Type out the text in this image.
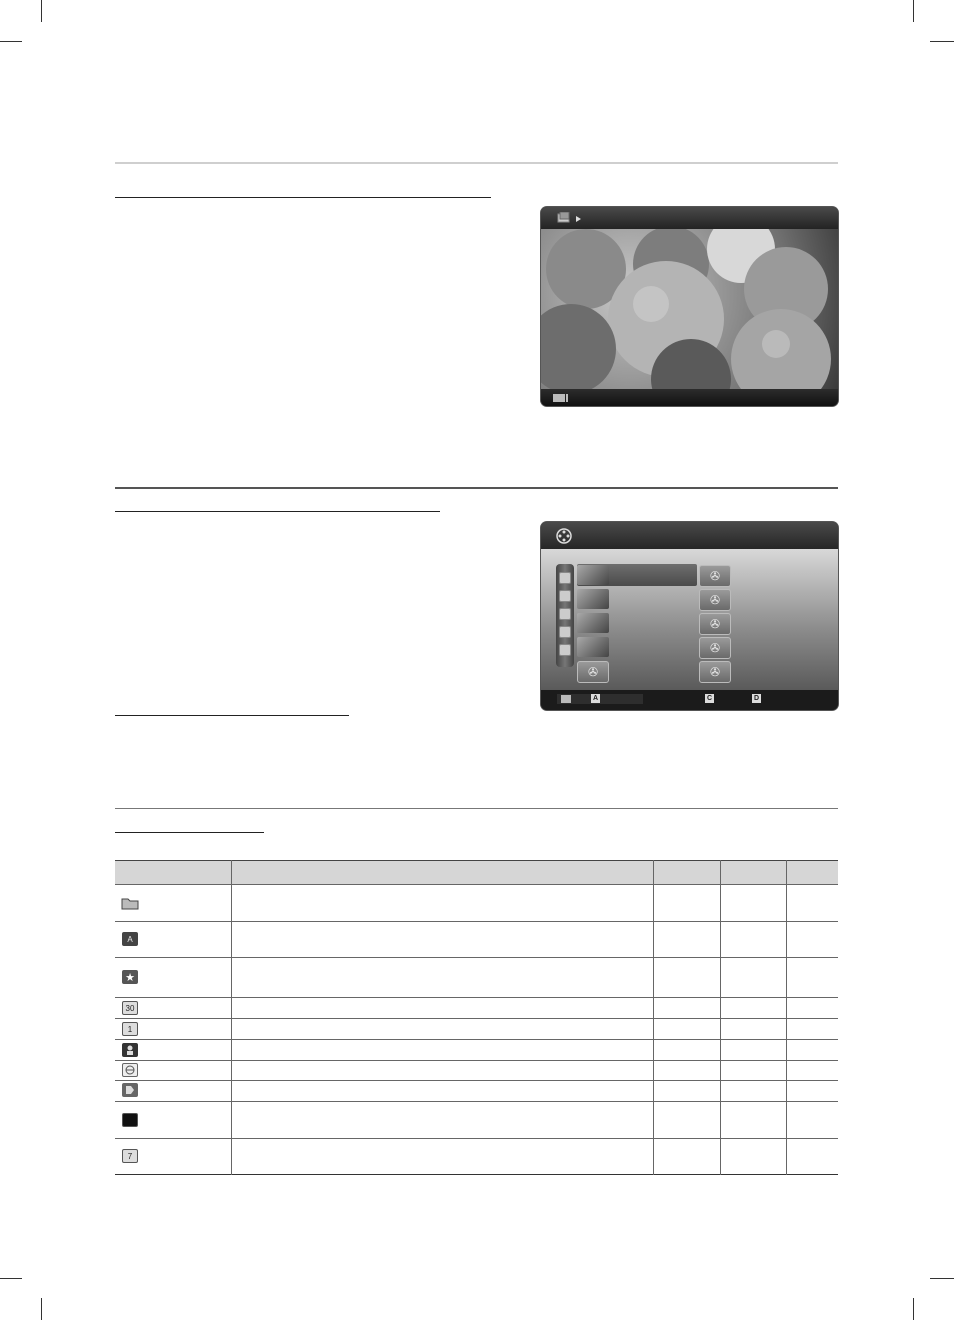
✇
✇
✇
✇
✇
✇
A	C	D
A
★
30
1
7
